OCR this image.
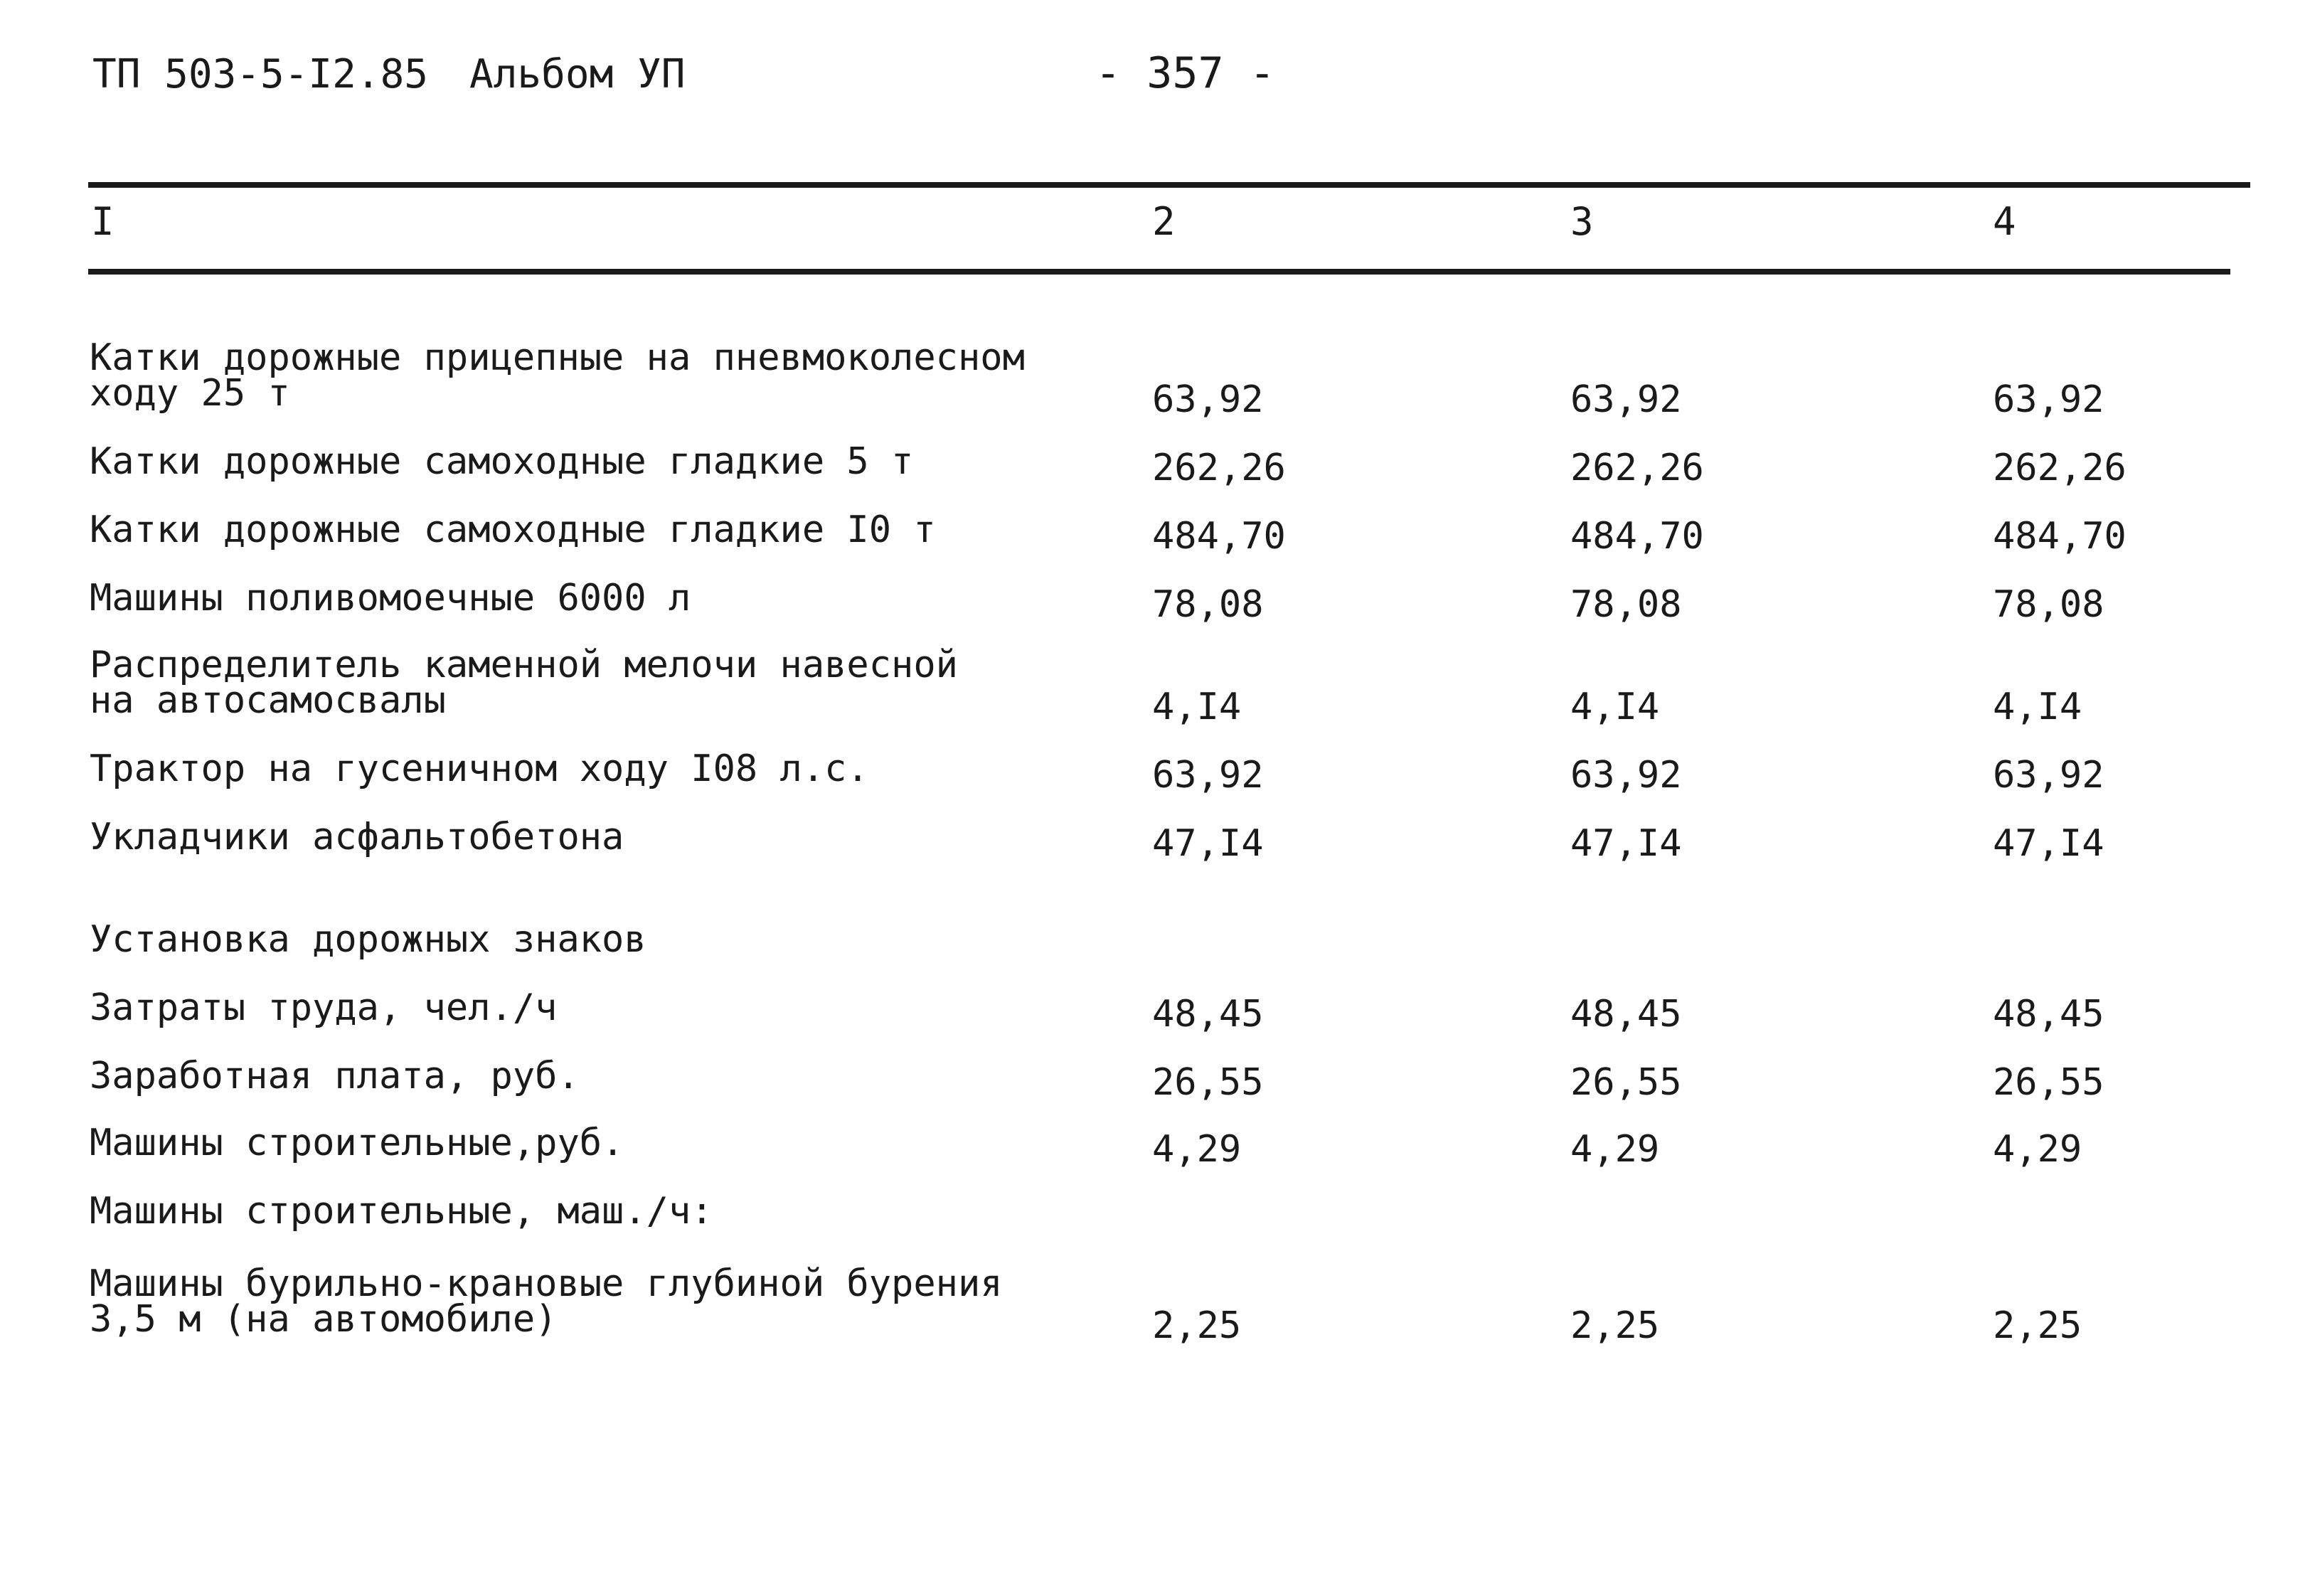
ТП 503-5-I2.85 Альбом УП	- 357 -
I	2	3	4
Катки дорожные прицепные на пневмоколесном
ходу 25 т	63,92	63,92	63,92
Катки дорожные самоходные гладкие 5 т	262,26	262,26	262,26
Катки дорожные самоходные гладкие I0 т	484,70	484,70	484,70
Машины поливомоечные 6000 л	78,08	78,08	78,08
Распределитель каменной мелочи навесной
на автосамосвалы	4,I4	4,I4	4,I4
Трактор на гусеничном ходу I08 л.с.	63,92	63,92	63,92
Укладчики асфальтобетона	47,I4	47,I4	47,I4
Установка дорожных знаков
Затраты труда, чел./ч	48,45	48,45	48,45
Заработная плата, руб.	26,55	26,55	26,55
Машины строительные,руб.	4,29	4,29	4,29
Машины строительные, маш./ч:
Машины бурильно-крановые глубиной бурения
3,5 м (на автомобиле)	2,25	2,25	2,25
